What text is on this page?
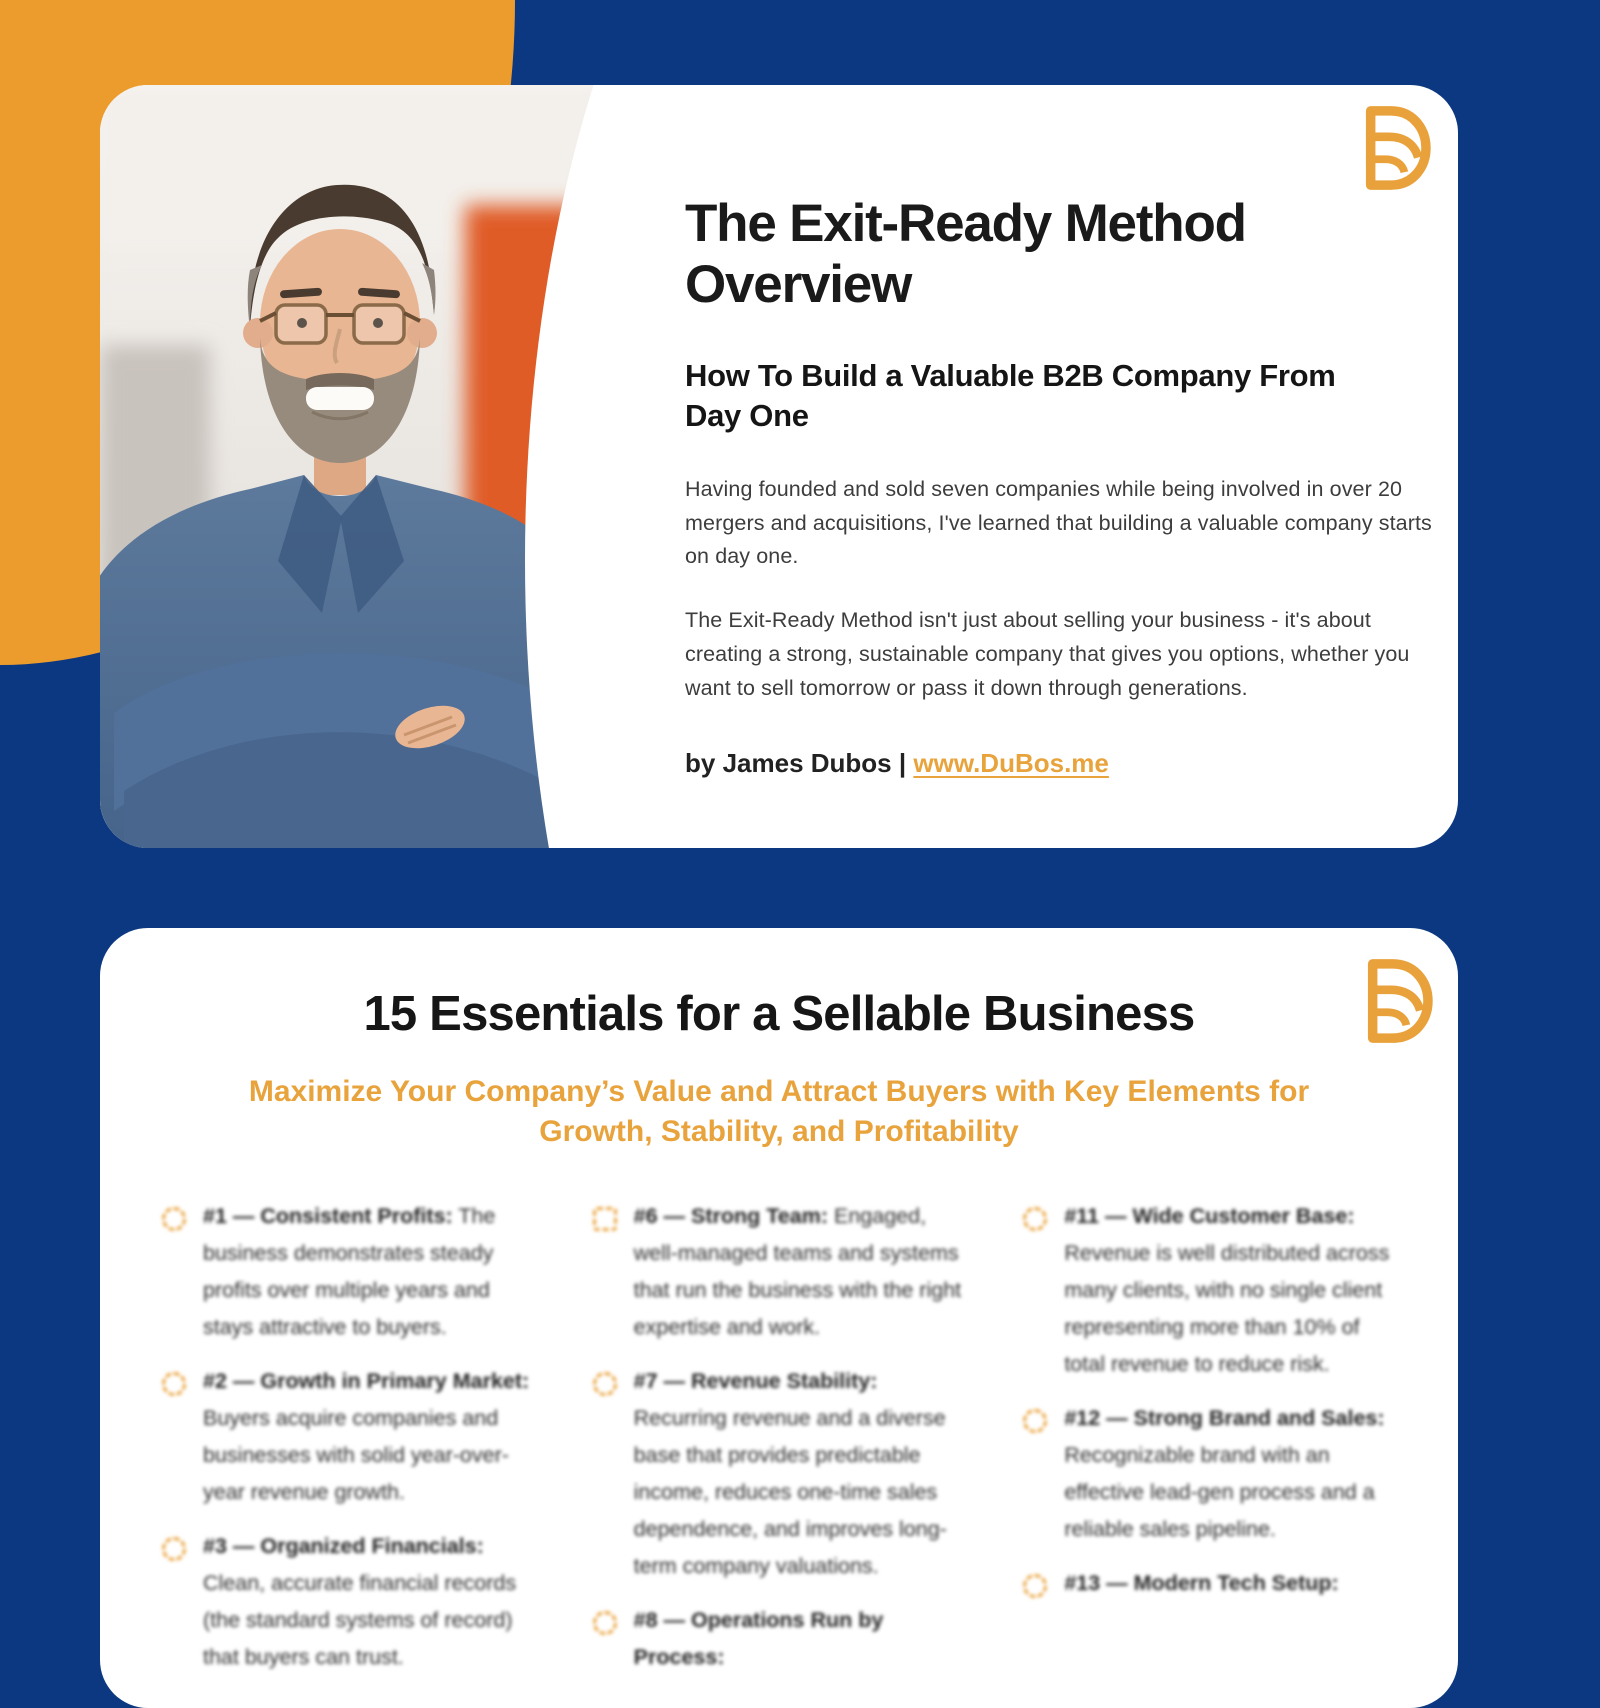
The Exit-Ready Method Overview
How To Build a Valuable B2B Company From Day One

Having founded and sold seven companies while being involved in over 20 mergers and acquisitions, I've learned that building a valuable company starts on day one.

The Exit-Ready Method isn't just about selling your business - it's about creating a strong, sustainable company that gives you options, whether you want to sell tomorrow or pass it down through generations.

by James Dubos | www.DuBos.me

15 Essentials for a Sellable Business
Maximize Your Company’s Value and Attract Buyers with Key Elements for Growth, Stability, and Profitability
#1 — Consistent Profits: The business demonstrates steady profits over multiple years and stays attractive to buyers.
#2 — Growth in Primary Market: Buyers acquire companies and businesses with solid year-over-year revenue growth.
#3 — Organized Financials: Clean, accurate financial records (the standard systems of record) that buyers can trust.
#6 — Strong Team: Engaged, well-managed teams and systems that run the business with the right expertise and work.
#7 — Revenue Stability: Recurring revenue and a diverse base that provides predictable income, reduces one-time sales dependence, and improves long-term company valuations.
#8 — Operations Run by Process:
#11 — Wide Customer Base: Revenue is well distributed across many clients, with no single client representing more than 10% of total revenue to reduce risk.
#12 — Strong Brand and Sales: Recognizable brand with an effective lead-gen process and a reliable sales pipeline.
#13 — Modern Tech Setup:
